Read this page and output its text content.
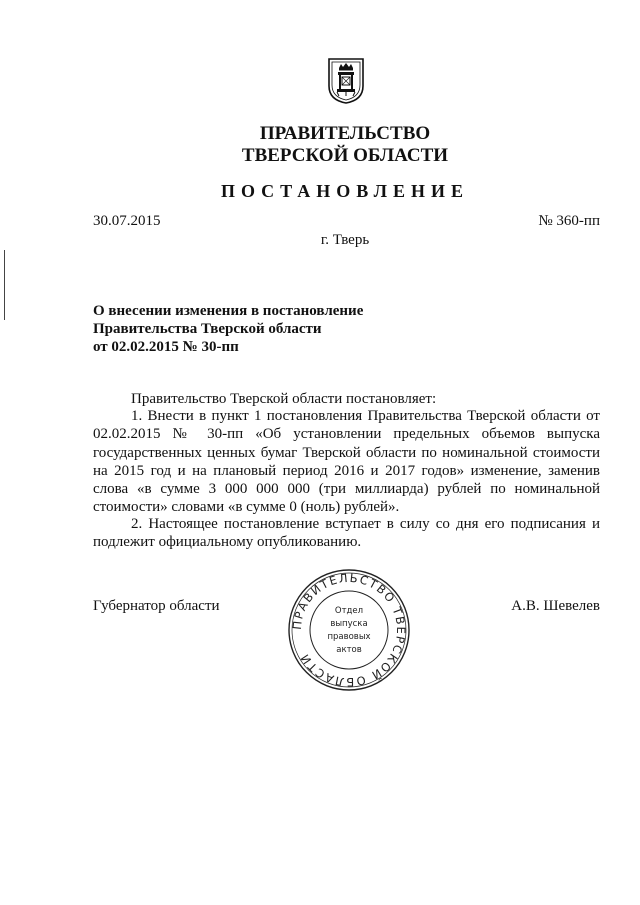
ПРАВИТЕЛЬСТВО
ТВЕРСКОЙ ОБЛАСТИ
ПОСТАНОВЛЕНИЕ
30.07.2015	№ 360-пп
г. Тверь
О внесении изменения в постановление
Правительства Тверской области
от 02.02.2015 № 30-пп

Правительство Тверской области постановляет:

1. Внести в пункт 1 постановления Правительства Тверской области от 02.02.2015 № 30-пп «Об установлении предельных объемов выпуска государственных ценных бумаг Тверской области по номинальной стоимости на 2015 год и на плановый период 2016 и 2017 годов» изменение, заменив слова «в сумме 3 000 000 000 (три миллиарда) рублей по номинальной стоимости» словами «в сумме 0 (ноль) рублей».

2. Настоящее постановление вступает в силу со дня его подписания и подлежит официальному опубликованию.

Губернатор области	А.В. Шевелев
ПРАВИТЕЛЬСТВО ТВЕРСКОЙ ОБЛАСТИ
Отдел
выпуска
правовых
актов
